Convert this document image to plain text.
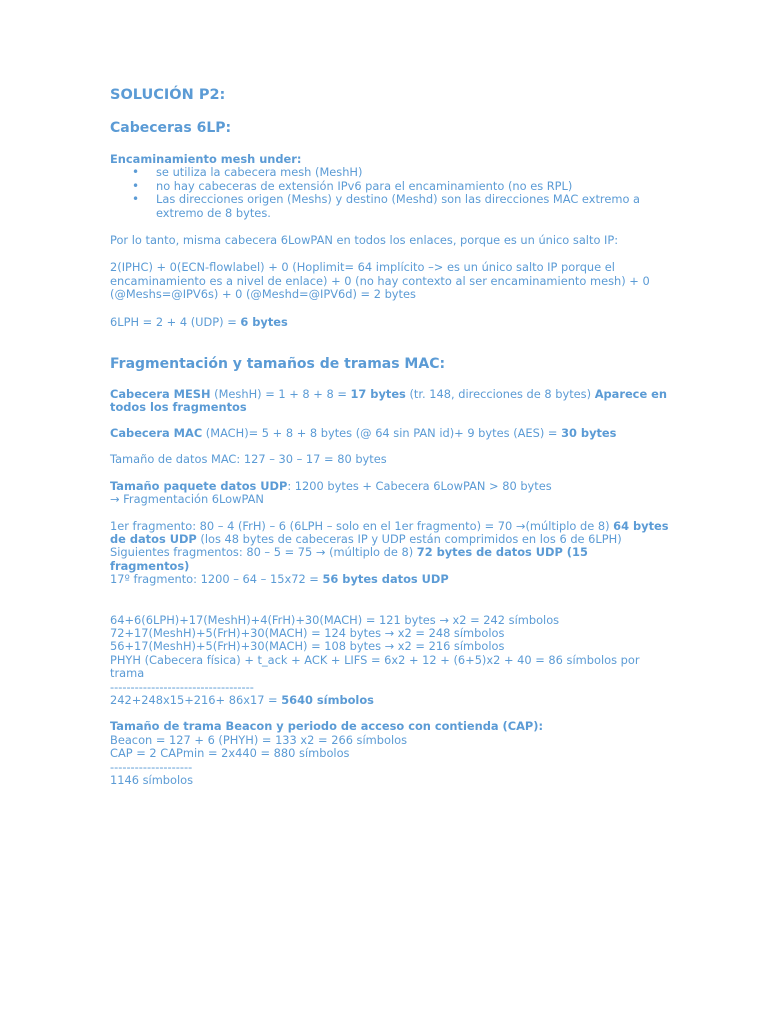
SOLUCIÓN P2:
Cabeceras 6LP:

Encaminamiento mesh under:

• se utiliza la cabecera mesh (MeshH)
• no hay cabeceras de extensión IPv6 para el encaminamiento (no es RPL)
• Las direcciones origen (Meshs) y destino (Meshd) son las direcciones MAC extremo a extremo de 8 bytes.

Por lo tanto, misma cabecera 6LowPAN en todos los enlaces, porque es un único salto IP:

2(IPHC) + 0(ECN-flowlabel) + 0 (Hoplimit= 64 implícito –> es un único salto IP porque el encaminamiento es a nivel de enlace) + 0 (no hay contexto al ser encaminamiento mesh) + 0 (@Meshs=@IPV6s) + 0 (@Meshd=@IPV6d) = 2 bytes

6LPH = 2 + 4 (UDP) = 6 bytes

Fragmentación y tamaños de tramas MAC:

Cabecera MESH (MeshH) = 1 + 8 + 8 = 17 bytes (tr. 148, direcciones de 8 bytes) Aparece en todos los fragmentos

Cabecera MAC (MACH)= 5 + 8 + 8 bytes (@ 64 sin PAN id)+ 9 bytes (AES) = 30 bytes

Tamaño de datos MAC: 127 – 30 – 17 = 80 bytes

Tamaño paquete datos UDP: 1200 bytes + Cabecera 6LowPAN > 80 bytes

→ Fragmentación 6LowPAN

1er fragmento: 80 – 4 (FrH) – 6 (6LPH – solo en el 1er fragmento) = 70 →(múltiplo de 8) 64 bytes de datos UDP (los 48 bytes de cabeceras IP y UDP están comprimidos en los 6 de 6LPH)

Siguientes fragmentos: 80 – 5 = 75 → (múltiplo de 8) 72 bytes de datos UDP (15 fragmentos)

17º fragmento: 1200 – 64 – 15x72 = 56 bytes datos UDP

64+6(6LPH)+17(MeshH)+4(FrH)+30(MACH) = 121 bytes → x2 = 242 símbolos

72+17(MeshH)+5(FrH)+30(MACH) = 124 bytes → x2 = 248 símbolos

56+17(MeshH)+5(FrH)+30(MACH) = 108 bytes → x2 = 216 símbolos

PHYH (Cabecera física) + t_ack + ACK + LIFS = 6x2 + 12 + (6+5)x2 + 40 = 86 símbolos por trama

-----------------------------------

242+248x15+216+ 86x17 = 5640 símbolos

Tamaño de trama Beacon y periodo de acceso con contienda (CAP):

Beacon = 127 + 6 (PHYH) = 133 x2 = 266 símbolos

CAP = 2 CAPmin = 2x440 = 880 símbolos

--------------------

1146 símbolos
